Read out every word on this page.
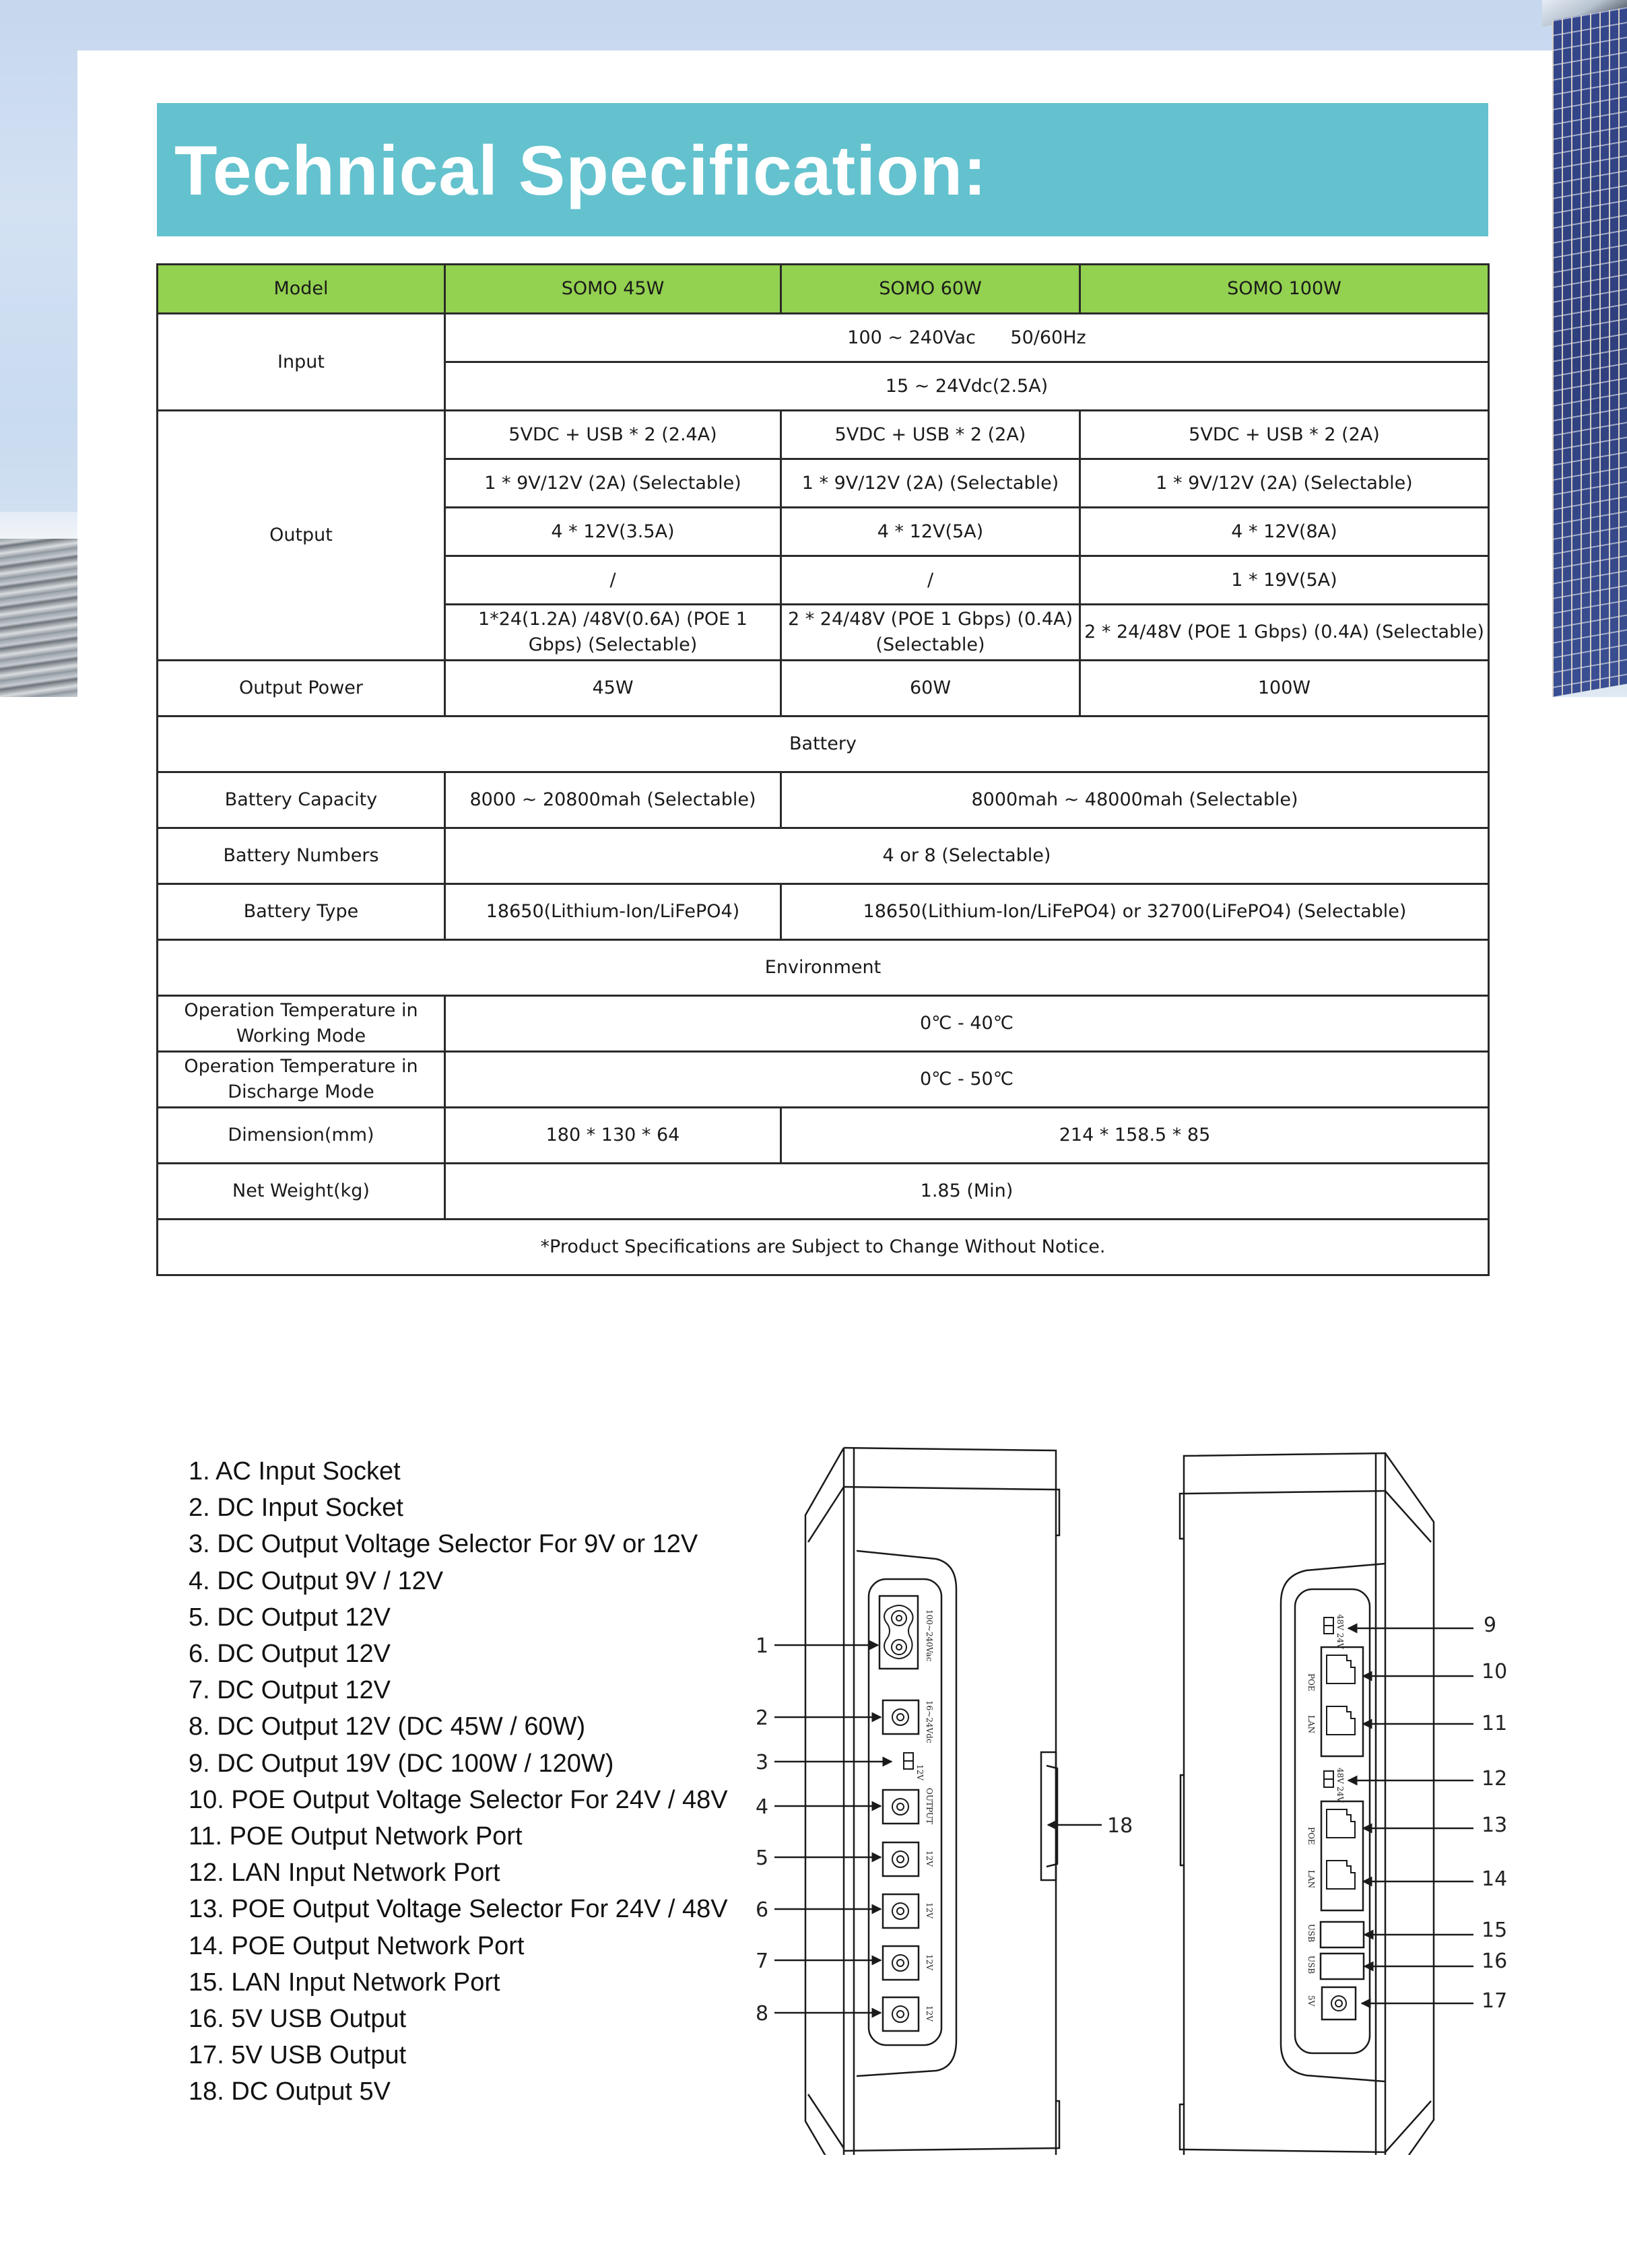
Technical Specification:
Model	SOMO 45W	SOMO 60W	SOMO 100W
Input	100 ~ 240Vac      50/60Hz		
	15 ~ 24Vdc(2.5A)		
Output	5VDC + USB * 2 (2.4A)	5VDC + USB * 2 (2A)	5VDC + USB * 2 (2A)
	1 * 9V/12V (2A) (Selectable)	1 * 9V/12V (2A) (Selectable)	1 * 9V/12V (2A) (Selectable)
	4 * 12V(3.5A)	4 * 12V(5A)	4 * 12V(8A)
	/	/	1 * 19V(5A)
	1*24(1.2A) /48V(0.6A) (POE 1 Gbps) (Selectable)	2 * 24/48V (POE 1 Gbps) (0.4A) (Selectable)	2 * 24/48V (POE 1 Gbps) (0.4A) (Selectable)
Output Power	45W	60W	100W
Battery			
Battery Capacity	8000 ~ 20800mah (Selectable)	8000mah ~ 48000mah (Selectable)	
Battery Numbers	4 or 8 (Selectable)		
Battery Type	18650(Lithium-Ion/LiFePO4)	18650(Lithium-Ion/LiFePO4) or 32700(LiFePO4) (Selectable)	
Environment			
Operation Temperature in Working Mode	0℃ - 40℃		
Operation Temperature in Discharge Mode	0℃ - 50℃		
Dimension(mm)	180 * 130 * 64	214 * 158.5 * 85	
Net Weight(kg)	1.85 (Min)		
*Product Specifications are Subject to Change Without Notice.			
1. AC Input Socket
2. DC Input Socket
3. DC Output Voltage Selector For 9V or 12V
4. DC Output 9V / 12V
5. DC Output 12V
6. DC Output 12V
7. DC Output 12V
8. DC Output 12V (DC 45W / 60W)
9. DC Output 19V (DC 100W / 120W)
10. POE Output Voltage Selector For 24V / 48V
11. POE Output Network Port
12. LAN Input Network Port
13. POE Output Voltage Selector For 24V / 48V
14. POE Output Network Port
15. LAN Input Network Port
16. 5V USB Output
17. 5V USB Output
18. DC Output 5V
100~240Vac
16~24Vdc
12V
OUTPUT
12V
12V
12V
12V
1
2
3
4
5
6
7
8
18
48V 24V
POE
LAN
48V 24V
POE
LAN
USB
USB
5V
9
10
11
12
13
14
15
16
17
